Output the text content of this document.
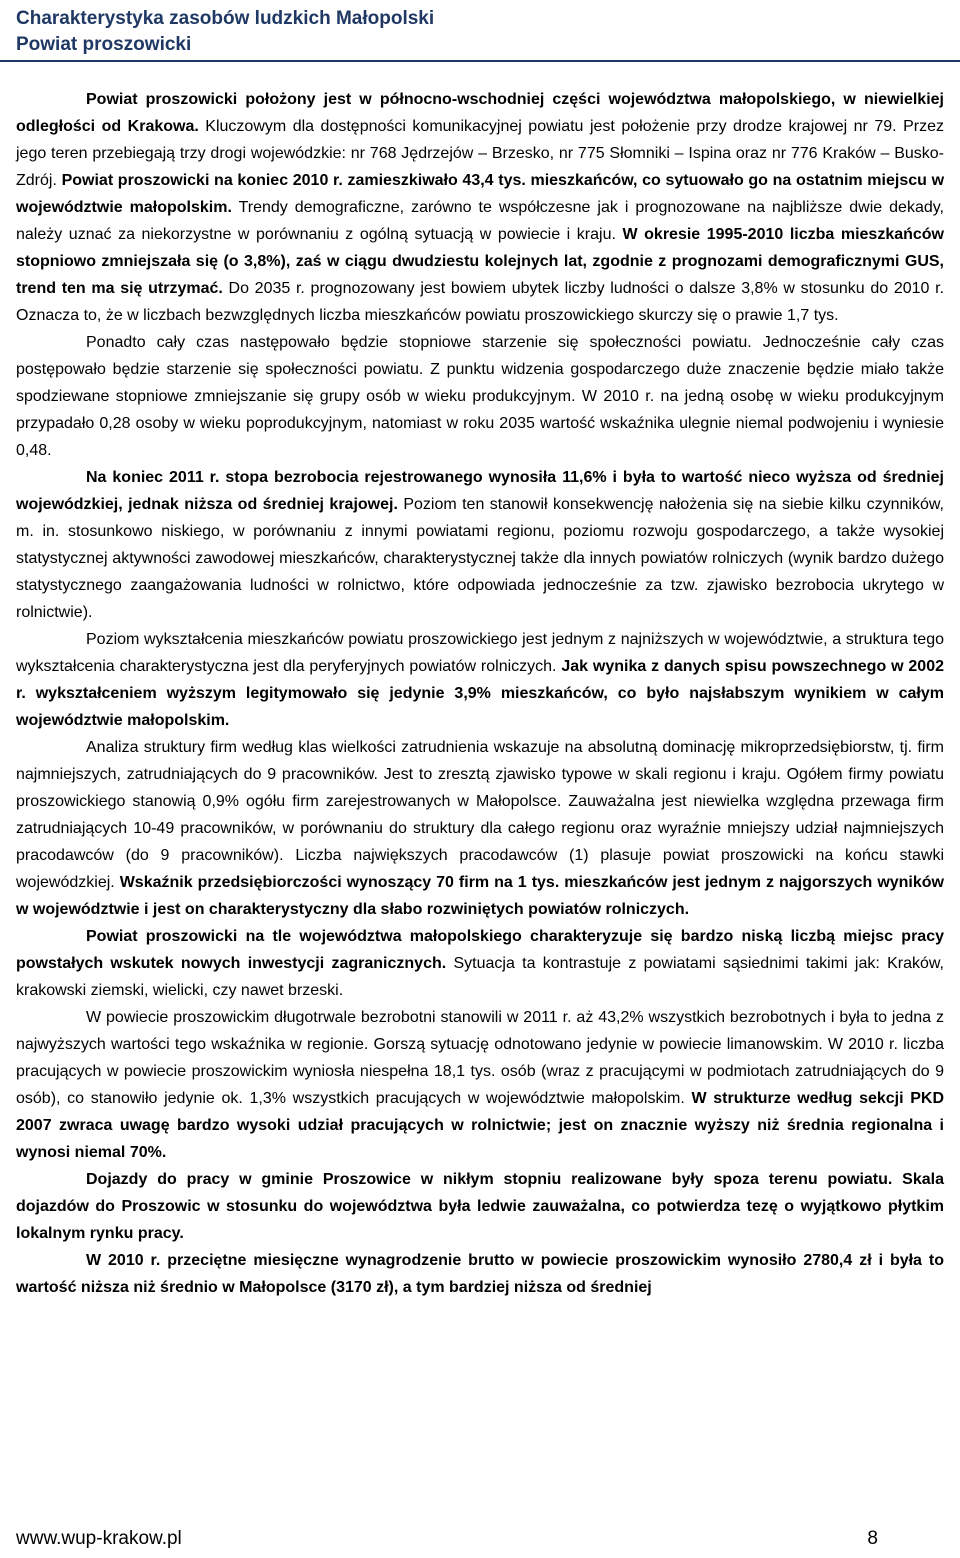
Charakterystyka zasobów ludzkich Małopolski
Powiat proszowicki

Powiat proszowicki położony jest w północno-wschodniej części województwa małopolskiego, w niewielkiej odległości od Krakowa. Kluczowym dla dostępności komunikacyjnej powiatu jest położenie przy drodze krajowej nr 79. Przez jego teren przebiegają trzy drogi wojewódzkie: nr 768 Jędrzejów – Brzesko, nr 775 Słomniki – Ispina oraz nr 776 Kraków – Busko-Zdrój. Powiat proszowicki na koniec 2010 r. zamieszkiwało 43,4 tys. mieszkańców, co sytuowało go na ostatnim miejscu w województwie małopolskim. Trendy demograficzne, zarówno te współczesne jak i prognozowane na najbliższe dwie dekady, należy uznać za niekorzystne w porównaniu z ogólną sytuacją w powiecie i kraju. W okresie 1995-2010 liczba mieszkańców stopniowo zmniejszała się (o 3,8%), zaś w ciągu dwudziestu kolejnych lat, zgodnie z prognozami demograficznymi GUS, trend ten ma się utrzymać. Do 2035 r. prognozowany jest bowiem ubytek liczby ludności o dalsze 3,8% w stosunku do 2010 r. Oznacza to, że w liczbach bezwzględnych liczba mieszkańców powiatu proszowickiego skurczy się o prawie 1,7 tys.

Ponadto cały czas następowało będzie stopniowe starzenie się społeczności powiatu. Jednocześnie cały czas postępowało będzie starzenie się społeczności powiatu. Z punktu widzenia gospodarczego duże znaczenie będzie miało także spodziewane stopniowe zmniejszanie się grupy osób w wieku produkcyjnym. W 2010 r. na jedną osobę w wieku produkcyjnym przypadało 0,28 osoby w wieku poprodukcyjnym, natomiast w roku 2035 wartość wskaźnika ulegnie niemal podwojeniu i wyniesie 0,48.

Na koniec 2011 r. stopa bezrobocia rejestrowanego wynosiła 11,6% i była to wartość nieco wyższa od średniej wojewódzkiej, jednak niższa od średniej krajowej. Poziom ten stanowił konsekwencję nałożenia się na siebie kilku czynników, m. in. stosunkowo niskiego, w porównaniu z innymi powiatami regionu, poziomu rozwoju gospodarczego, a także wysokiej statystycznej aktywności zawodowej mieszkańców, charakterystycznej także dla innych powiatów rolniczych (wynik bardzo dużego statystycznego zaangażowania ludności w rolnictwo, które odpowiada jednocześnie za tzw. zjawisko bezrobocia ukrytego w rolnictwie).

Poziom wykształcenia mieszkańców powiatu proszowickiego jest jednym z najniższych w województwie, a struktura tego wykształcenia charakterystyczna jest dla peryferyjnych powiatów rolniczych. Jak wynika z danych spisu powszechnego w 2002 r. wykształceniem wyższym legitymowało się jedynie 3,9% mieszkańców, co było najsłabszym wynikiem w całym województwie małopolskim.

Analiza struktury firm według klas wielkości zatrudnienia wskazuje na absolutną dominację mikroprzedsiębiorstw, tj. firm najmniejszych, zatrudniających do 9 pracowników. Jest to zresztą zjawisko typowe w skali regionu i kraju. Ogółem firmy powiatu proszowickiego stanowią 0,9% ogółu firm zarejestrowanych w Małopolsce. Zauważalna jest niewielka względna przewaga firm zatrudniających 10-49 pracowników, w porównaniu do struktury dla całego regionu oraz wyraźnie mniejszy udział najmniejszych pracodawców (do 9 pracowników). Liczba największych pracodawców (1) plasuje powiat proszowicki na końcu stawki wojewódzkiej. Wskaźnik przedsiębiorczości wynoszący 70 firm na 1 tys. mieszkańców jest jednym z najgorszych wyników w województwie i jest on charakterystyczny dla słabo rozwiniętych powiatów rolniczych.

Powiat proszowicki na tle województwa małopolskiego charakteryzuje się bardzo niską liczbą miejsc pracy powstałych wskutek nowych inwestycji zagranicznych. Sytuacja ta kontrastuje z powiatami sąsiednimi takimi jak: Kraków, krakowski ziemski, wielicki, czy nawet brzeski.

W powiecie proszowickim długotrwale bezrobotni stanowili w 2011 r. aż 43,2% wszystkich bezrobotnych i była to jedna z najwyższych wartości tego wskaźnika w regionie. Gorszą sytuację odnotowano jedynie w powiecie limanowskim. W 2010 r. liczba pracujących w powiecie proszowickim wyniosła niespełna 18,1 tys. osób (wraz z pracującymi w podmiotach zatrudniających do 9 osób), co stanowiło jedynie ok. 1,3% wszystkich pracujących w województwie małopolskim. W strukturze według sekcji PKD 2007 zwraca uwagę bardzo wysoki udział pracujących w rolnictwie; jest on znacznie wyższy niż średnia regionalna i wynosi niemal 70%.

Dojazdy do pracy w gminie Proszowice w nikłym stopniu realizowane były spoza terenu powiatu. Skala dojazdów do Proszowic w stosunku do województwa była ledwie zauważalna, co potwierdza tezę o wyjątkowo płytkim lokalnym rynku pracy.

W 2010 r. przeciętne miesięczne wynagrodzenie brutto w powiecie proszowickim wynosiło 2780,4 zł i była to wartość niższa niż średnio w Małopolsce (3170 zł), a tym bardziej niższa od średniej

www.wup-krakow.pl	8
